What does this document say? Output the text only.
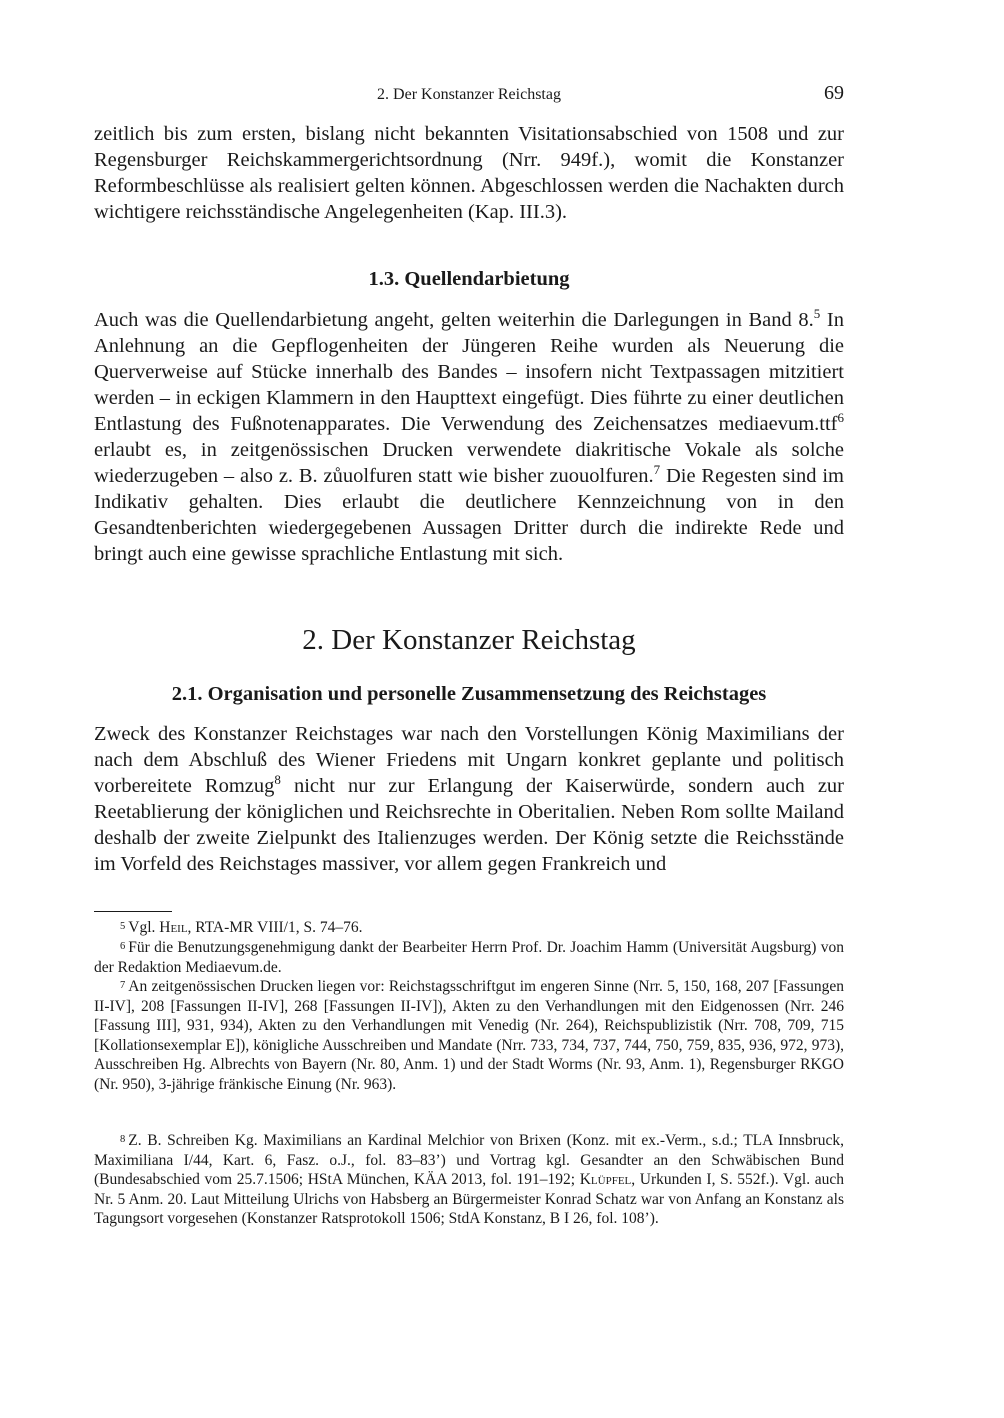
2. Der Konstanzer Reichstag	69

zeitlich bis zum ersten, bislang nicht bekannten Visitationsabschied von 1508 und zur Regensburger Reichskammergerichtsordnung (Nrr. 949f.), womit die Konstanzer Reformbeschlüsse als realisiert gelten können. Abgeschlossen werden die Nachakten durch wichtigere reichsständische Angelegenheiten (Kap. III.3).

1.3. Quellendarbietung

Auch was die Quellendarbietung angeht, gelten weiterhin die Darlegungen in Band 8.$^5$ In Anlehnung an die Gepflogenheiten der Jüngeren Reihe wurden als Neuerung die Querverweise auf Stücke innerhalb des Bandes – insofern nicht Textpassagen mitzitiert werden – in eckigen Klammern in den Haupttext eingefügt. Dies führte zu einer deutlichen Entlastung des Fußnotenapparates. Die Verwendung des Zeichensatzes mediaevum.ttf$^6$ erlaubt es, in zeitgenössischen Drucken verwendete diakritische Vokale als solche wiederzugeben – also z. B. zůuolfuren statt wie bisher zuouolfuren.$^7$ Die Regesten sind im Indikativ gehalten. Dies erlaubt die deutlichere Kennzeichnung von in den Gesandtenberichten wiedergegebenen Aussagen Dritter durch die indirekte Rede und bringt auch eine gewisse sprachliche Entlastung mit sich.

2. Der Konstanzer Reichstag
2.1. Organisation und personelle Zusammensetzung des Reichstages

Zweck des Konstanzer Reichstages war nach den Vorstellungen König Maximilians der nach dem Abschluß des Wiener Friedens mit Ungarn konkret geplante und politisch vorbereitete Romzug$^8$ nicht nur zur Erlangung der Kaiserwürde, sondern auch zur Reetablierung der königlichen und Reichsrechte in Oberitalien. Neben Rom sollte Mailand deshalb der zweite Zielpunkt des Italienzuges werden. Der König setzte die Reichsstände im Vorfeld des Reichstages massiver, vor allem gegen Frankreich und

5 Vgl. Heil, RTA-MR VIII/1, S. 74–76.

6 Für die Benutzungsgenehmigung dankt der Bearbeiter Herrn Prof. Dr. Joachim Hamm (Universität Augsburg) von der Redaktion Mediaevum.de.

7 An zeitgenössischen Drucken liegen vor: Reichstagsschriftgut im engeren Sinne (Nrr. 5, 150, 168, 207 [Fassungen II-IV], 208 [Fassungen II-IV], 268 [Fassungen II-IV]), Akten zu den Verhandlungen mit den Eidgenossen (Nrr. 246 [Fassung III], 931, 934), Akten zu den Verhandlungen mit Venedig (Nr. 264), Reichspublizistik (Nrr. 708, 709, 715 [Kollationsexemplar E]), königliche Ausschreiben und Mandate (Nrr. 733, 734, 737, 744, 750, 759, 835, 936, 972, 973), Ausschreiben Hg. Albrechts von Bayern (Nr. 80, Anm. 1) und der Stadt Worms (Nr. 93, Anm. 1), Regensburger RKGO (Nr. 950), 3-jährige fränkische Einung (Nr. 963).

8 Z. B. Schreiben Kg. Maximilians an Kardinal Melchior von Brixen (Konz. mit ex.-Verm., s.d.; TLA Innsbruck, Maximiliana I/44, Kart. 6, Fasz. o.J., fol. 83–83’) und Vortrag kgl. Gesandter an den Schwäbischen Bund (Bundesabschied vom 25.7.1506; HStA München, KÄA 2013, fol. 191–192; Klüpfel, Urkunden I, S. 552f.). Vgl. auch Nr. 5 Anm. 20. Laut Mitteilung Ulrichs von Habsberg an Bürgermeister Konrad Schatz war von Anfang an Konstanz als Tagungsort vorgesehen (Konstanzer Ratsprotokoll 1506; StdA Konstanz, B I 26, fol. 108’).
